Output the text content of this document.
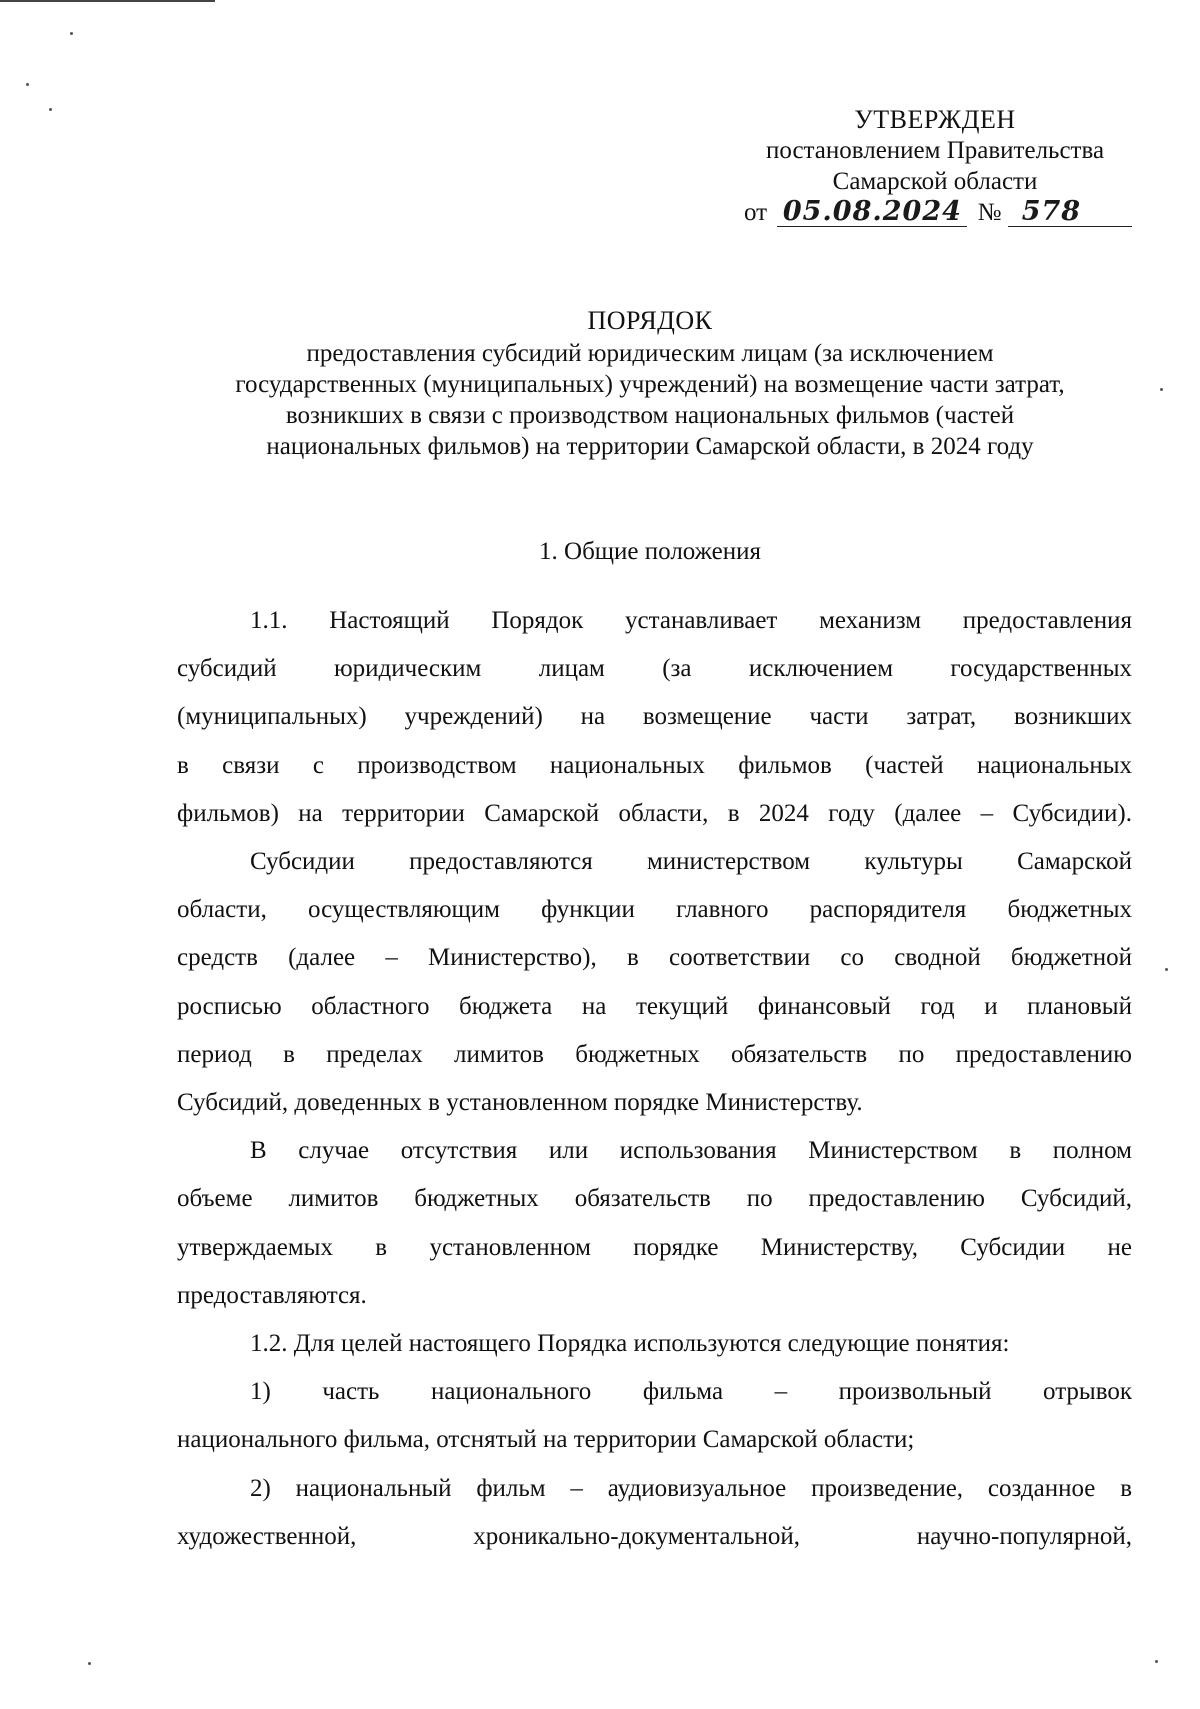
УТВЕРЖДЕН
постановлением Правительства
Самарской области
от 05.08.2024 № 578
ПОРЯДОК
предоставления субсидий юридическим лицам (за исключением
государственных (муниципальных) учреждений) на возмещение части затрат,
возникших в связи с производством национальных фильмов (частей
национальных фильмов) на территории Самарской области, в 2024 году
1. Общие положения
1.1. Настоящий Порядок устанавливает механизм предоставления
субсидий юридическим лицам (за исключением государственных
(муниципальных) учреждений) на возмещение части затрат, возникших
в связи с производством национальных фильмов (частей национальных
фильмов) на территории Самарской области, в 2024 году (далее – Субсидии).
Субсидии предоставляются министерством культуры Самарской
области, осуществляющим функции главного распорядителя бюджетных
средств (далее – Министерство), в соответствии со сводной бюджетной
росписью областного бюджета на текущий финансовый год и плановый
период в пределах лимитов бюджетных обязательств по предоставлению
Субсидий, доведенных в установленном порядке Министерству.
В случае отсутствия или использования Министерством в полном
объеме лимитов бюджетных обязательств по предоставлению Субсидий,
утверждаемых в установленном порядке Министерству, Субсидии не
предоставляются.
1.2. Для целей настоящего Порядка используются следующие понятия:
1) часть национального фильма – произвольный отрывок
национального фильма, отснятый на территории Самарской области;
2) национальный фильм – аудиовизуальное произведение, созданное в
художественной, хроникально-документальной, научно-популярной,
